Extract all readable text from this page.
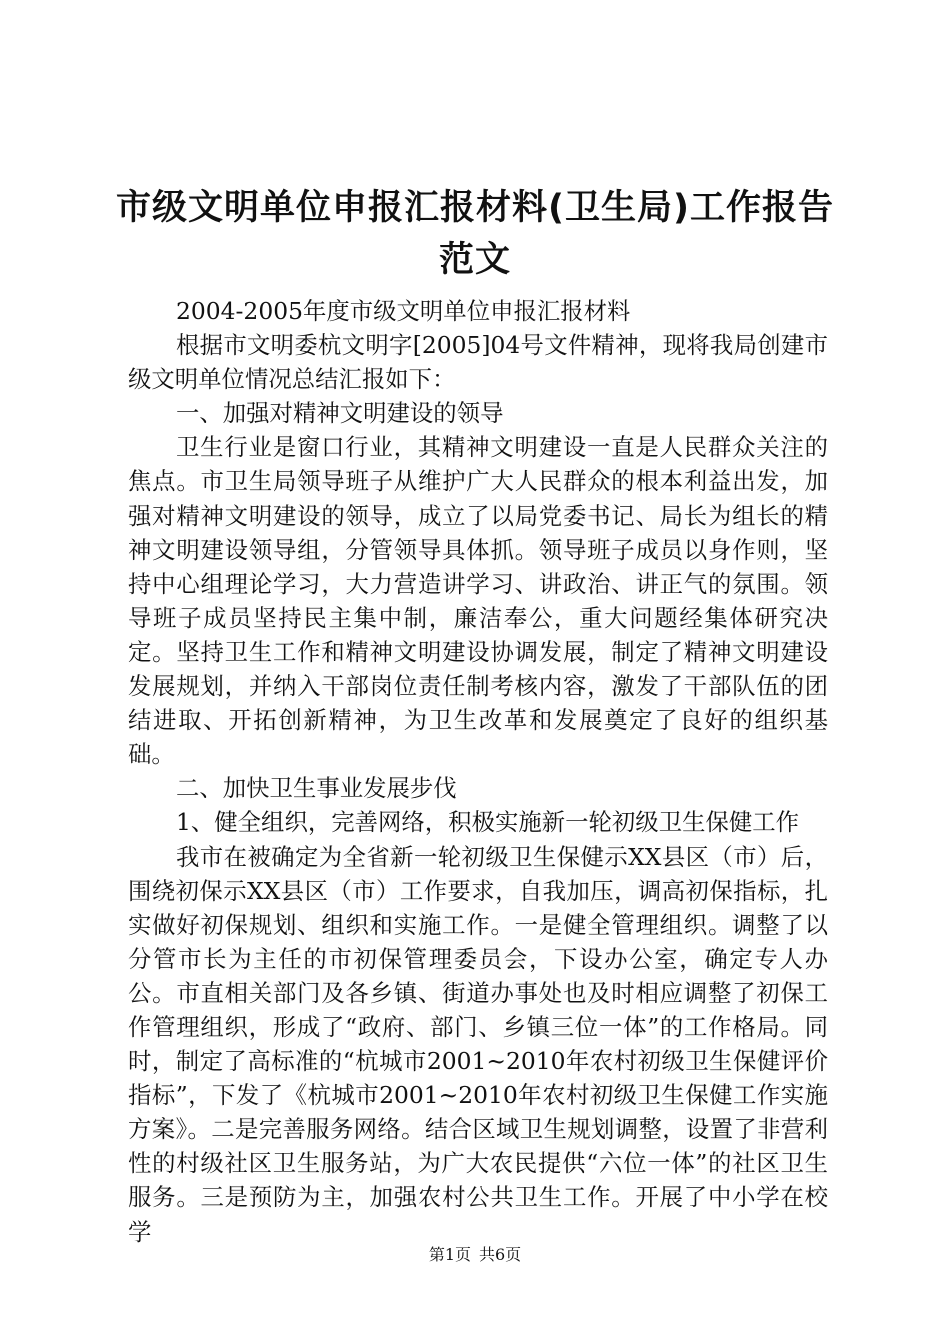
市级文明单位申报汇报材料(卫生局)工作报告范文

2004-2005年度市级文明单位申报汇报材料

根据市文明委杭文明字[2005]04号文件精神，现将我局创建市级文明单位情况总结汇报如下：

一、加强对精神文明建设的领导

卫生行业是窗口行业，其精神文明建设一直是人民群众关注的焦点。市卫生局领导班子从维护广大人民群众的根本利益出发，加强对精神文明建设的领导，成立了以局党委书记、局长为组长的精神文明建设领导组，分管领导具体抓。领导班子成员以身作则，坚持中心组理论学习，大力营造讲学习、讲政治、讲正气的氛围。领导班子成员坚持民主集中制，廉洁奉公，重大问题经集体研究决定。坚持卫生工作和精神文明建设协调发展，制定了精神文明建设发展规划，并纳入干部岗位责任制考核内容，激发了干部队伍的团结进取、开拓创新精神，为卫生改革和发展奠定了良好的组织基础。

二、加快卫生事业发展步伐

1、健全组织，完善网络，积极实施新一轮初级卫生保健工作

我市在被确定为全省新一轮初级卫生保健示XX县区（市）后，围绕初保示XX县区（市）工作要求，自我加压，调高初保指标，扎实做好初保规划、组织和实施工作。一是健全管理组织。调整了以分管市长为主任的市初保管理委员会，下设办公室，确定专人办公。市直相关部门及各乡镇、街道办事处也及时相应调整了初保工作管理组织，形成了“政府、部门、乡镇三位一体”的工作格局。同时，制定了高标准的“杭城市2001~2010年农村初级卫生保健评价指标”，下发了《杭城市2001~2010年农村初级卫生保健工作实施方案》。二是完善服务网络。结合区域卫生规划调整，设置了非营利性的村级社区卫生服务站，为广大农民提供“六位一体”的社区卫生服务。三是预防为主，加强农村公共卫生工作。开展了中小学在校学

第1页 共6页
